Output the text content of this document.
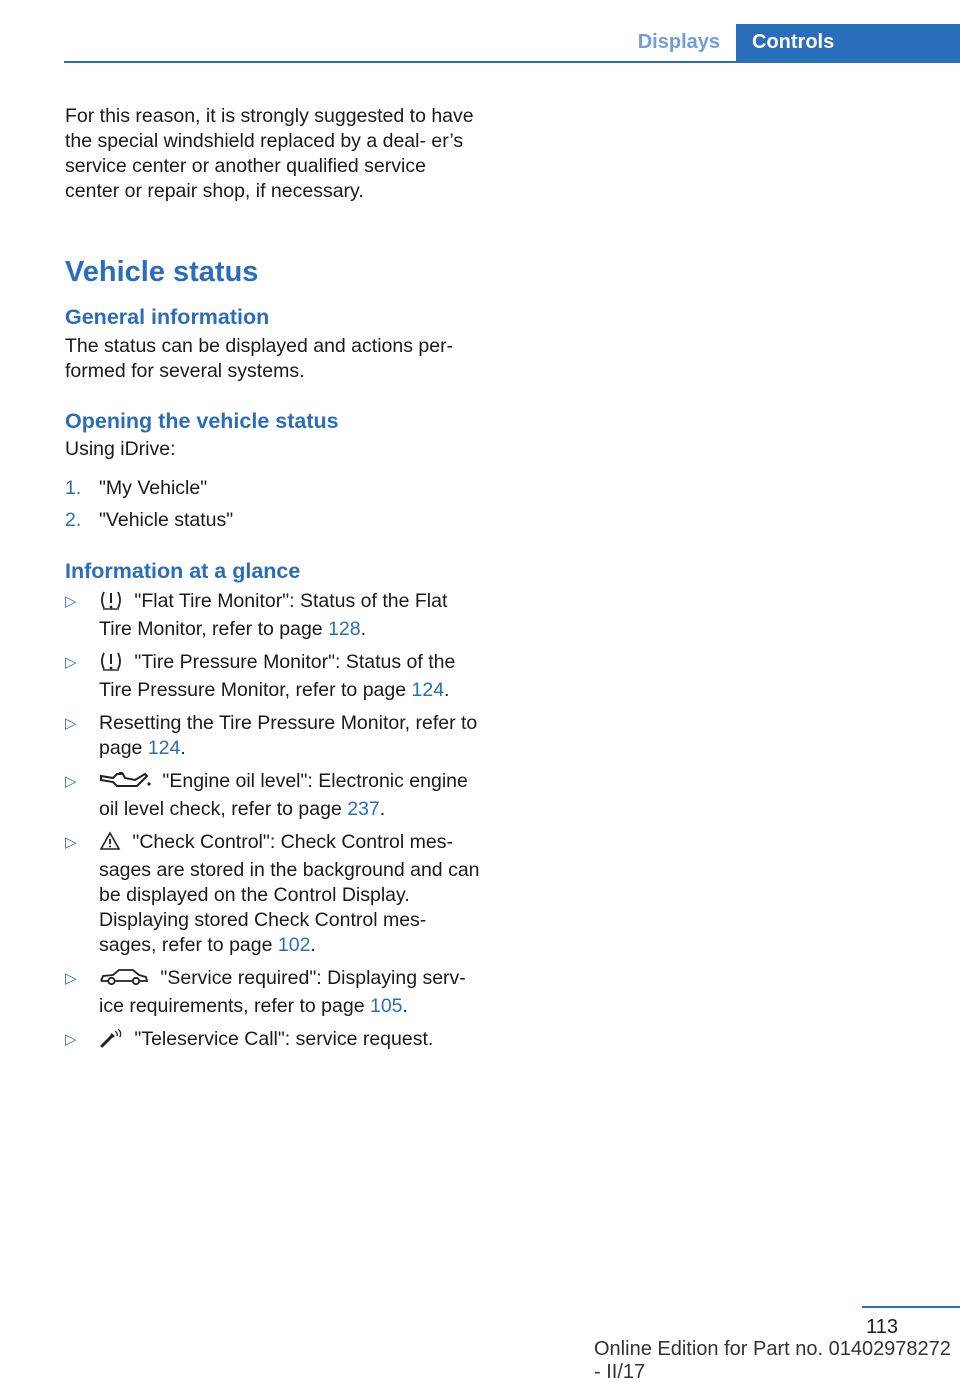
Displays	Controls

For this reason, it is strongly suggested to have the special windshield replaced by a deal‐ er’s service center or another qualified service center or repair shop, if necessary.

Vehicle status
General information

The status can be displayed and actions per‐ formed for several systems.

Opening the vehicle status

Using iDrive:

1. "My Vehicle"
2. "Vehicle status"
Information at a glance
▷	"Flat Tire Monitor": Status of the Flat Tire Monitor, refer to page 128.
▷	"Tire Pressure Monitor": Status of the Tire Pressure Monitor, refer to page 124.
▷	Resetting the Tire Pressure Monitor, refer to page 124.
▷	"Engine oil level": Electronic engine oil level check, refer to page 237.
▷	"Check Control": Check Control mes‐ sages are stored in the background and can be displayed on the Control Display. Displaying stored Check Control mes‐ sages, refer to page 102.
▷	"Service required": Displaying serv‐ ice requirements, refer to page 105.
▷	"Teleservice Call": service request.
113
Online Edition for Part no. 01402978272 - II/17
